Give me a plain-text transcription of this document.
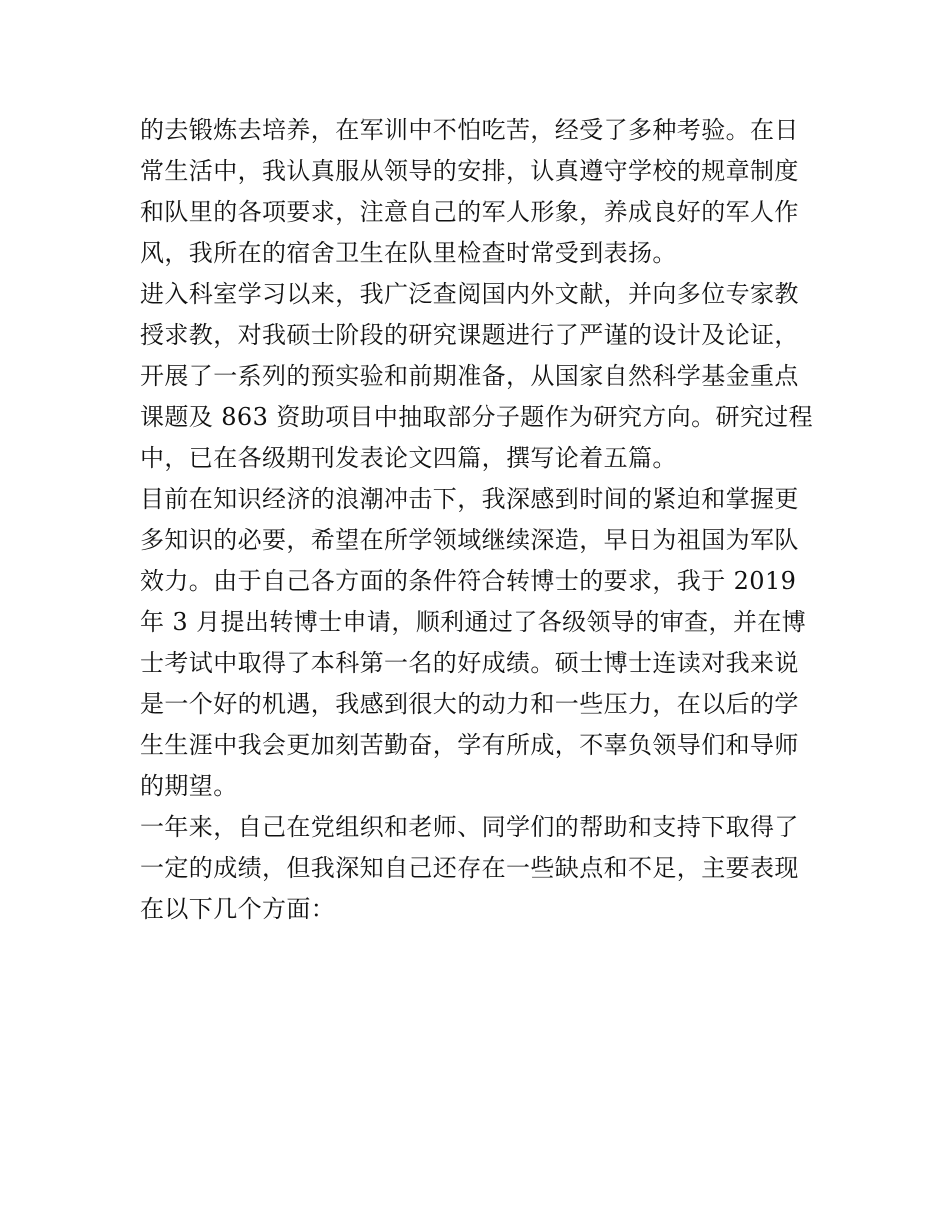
的去锻炼去培养，在军训中不怕吃苦，经受了多种考验。在日
常生活中，我认真服从领导的安排，认真遵守学校的规章制度
和队里的各项要求，注意自己的军人形象，养成良好的军人作
风，我所在的宿舍卫生在队里检查时常受到表扬。
进入科室学习以来，我广泛查阅国内外文献，并向多位专家教
授求教，对我硕士阶段的研究课题进行了严谨的设计及论证，
开展了一系列的预实验和前期准备，从国家自然科学基金重点
课题及 863 资助项目中抽取部分子题作为研究方向。研究过程
中，已在各级期刊发表论文四篇，撰写论着五篇。
目前在知识经济的浪潮冲击下，我深感到时间的紧迫和掌握更
多知识的必要，希望在所学领域继续深造，早日为祖国为军队
效力。由于自己各方面的条件符合转博士的要求，我于 2019
年 3 月提出转博士申请，顺利通过了各级领导的审查，并在博
士考试中取得了本科第一名的好成绩。硕士博士连读对我来说
是一个好的机遇，我感到很大的动力和一些压力，在以后的学
生生涯中我会更加刻苦勤奋，学有所成，不辜负领导们和导师
的期望。
一年来，自己在党组织和老师、同学们的帮助和支持下取得了
一定的成绩，但我深知自己还存在一些缺点和不足，主要表现
在以下几个方面：
